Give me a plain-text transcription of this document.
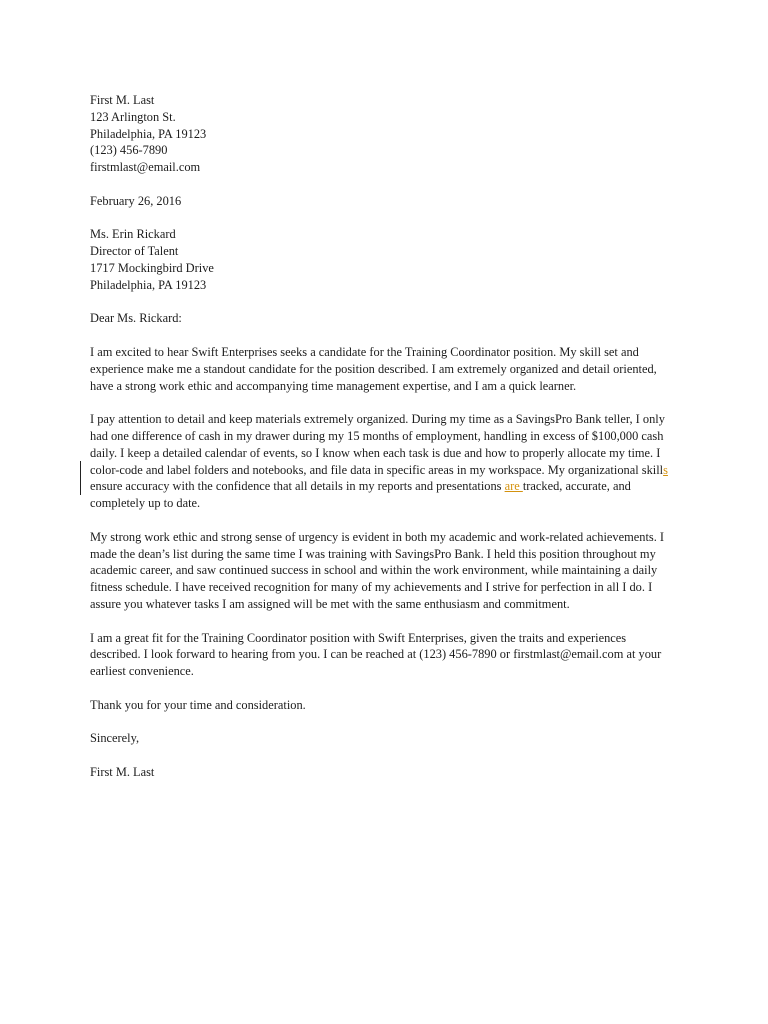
First M. Last
123 Arlington St.
Philadelphia, PA 19123
(123) 456-7890
firstmlast@email.com
February 26, 2016
Ms. Erin Rickard
Director of Talent
1717 Mockingbird Drive
Philadelphia, PA 19123
Dear Ms. Rickard:
I am excited to hear Swift Enterprises seeks a candidate for the Training Coordinator position. My skill set and
experience make me a standout candidate for the position described. I am extremely organized and detail oriented,
have a strong work ethic and accompanying time management expertise, and I am a quick learner.
I pay attention to detail and keep materials extremely organized. During my time as a SavingsPro Bank teller, I only
had one difference of cash in my drawer during my 15 months of employment, handling in excess of $100,000 cash
daily. I keep a detailed calendar of events, so I know when each task is due and how to properly allocate my time. I
color-code and label folders and notebooks, and file data in specific areas in my workspace. My organizational skills
ensure accuracy with the confidence that all details in my reports and presentations are tracked, accurate, and
completely up to date.
My strong work ethic and strong sense of urgency is evident in both my academic and work-related achievements. I
made the dean’s list during the same time I was training with SavingsPro Bank. I held this position throughout my
academic career, and saw continued success in school and within the work environment, while maintaining a daily
fitness schedule. I have received recognition for many of my achievements and I strive for perfection in all I do. I
assure you whatever tasks I am assigned will be met with the same enthusiasm and commitment.
I am a great fit for the Training Coordinator position with Swift Enterprises, given the traits and experiences
described. I look forward to hearing from you. I can be reached at (123) 456-7890 or firstmlast@email.com at your
earliest convenience.
Thank you for your time and consideration.
Sincerely,
First M. Last
